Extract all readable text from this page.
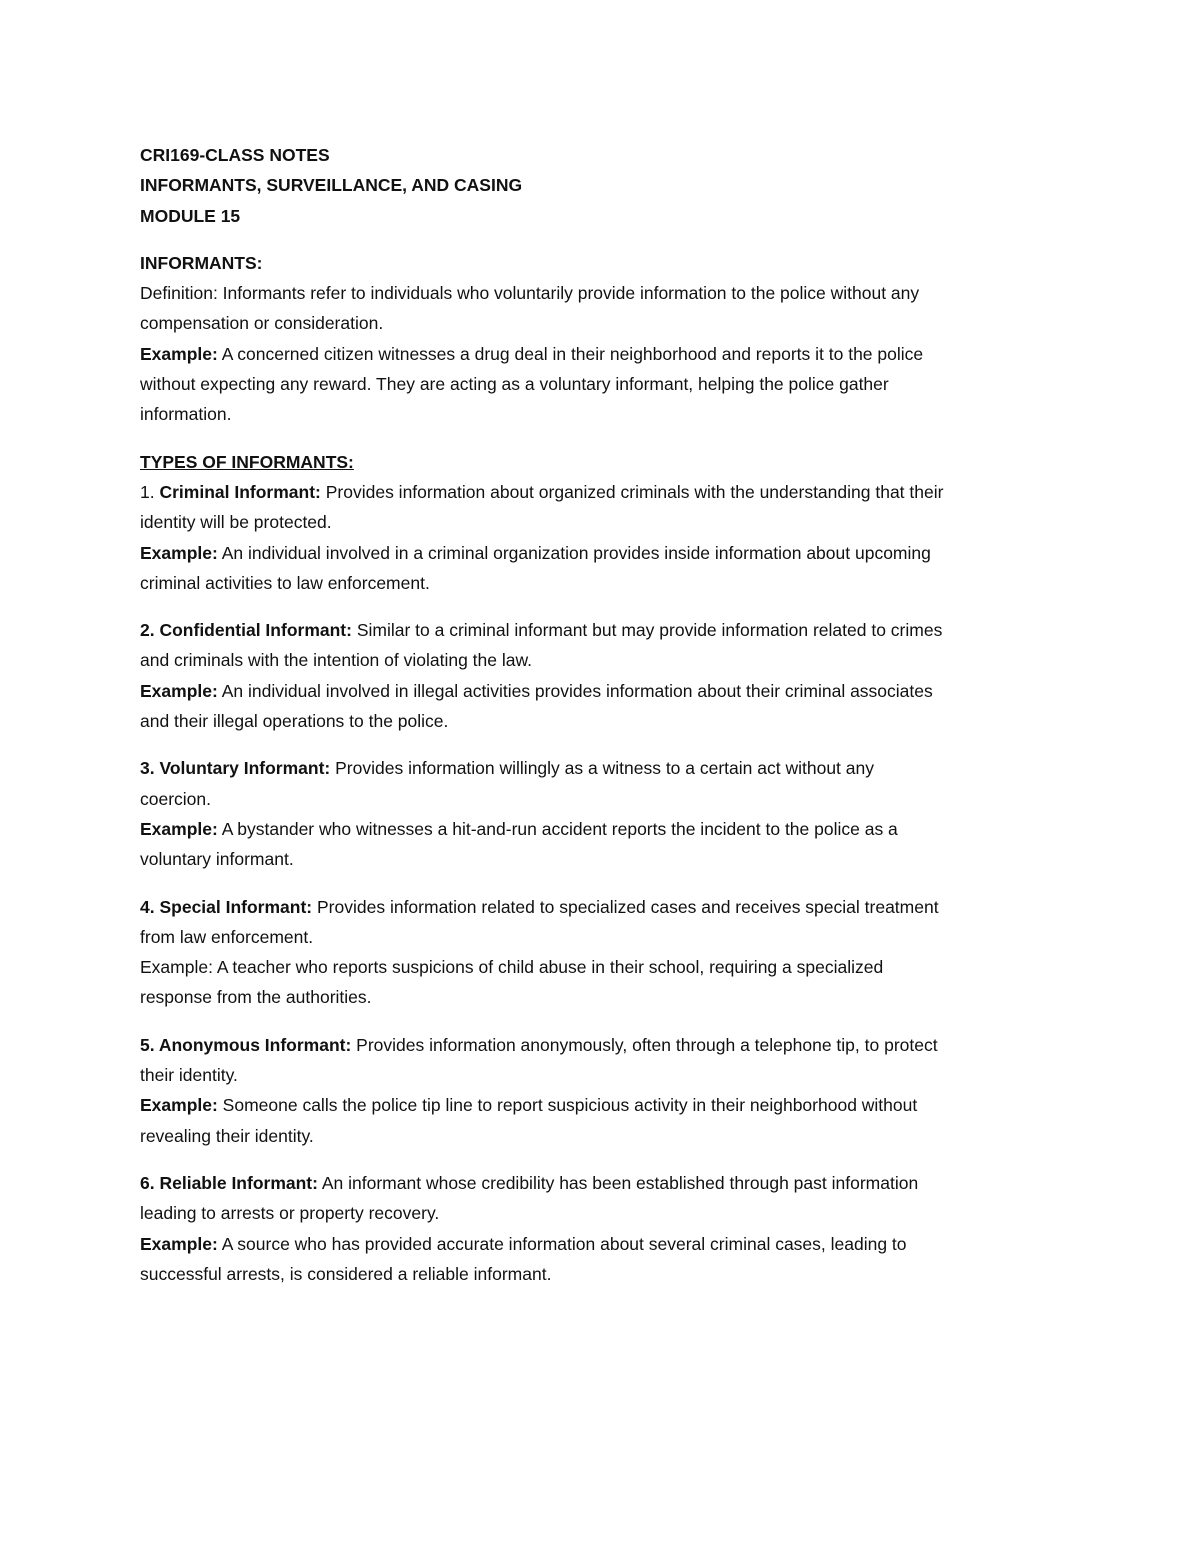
CRI169-CLASS NOTES
INFORMANTS, SURVEILLANCE, AND CASING
MODULE 15
INFORMANTS:
Definition: Informants refer to individuals who voluntarily provide information to the police without any
compensation or consideration.
Example: A concerned citizen witnesses a drug deal in their neighborhood and reports it to the police
without expecting any reward. They are acting as a voluntary informant, helping the police gather
information.
TYPES OF INFORMANTS:
1. Criminal Informant: Provides information about organized criminals with the understanding that their
identity will be protected.
Example: An individual involved in a criminal organization provides inside information about upcoming
criminal activities to law enforcement.
2. Confidential Informant: Similar to a criminal informant but may provide information related to crimes
and criminals with the intention of violating the law.
Example: An individual involved in illegal activities provides information about their criminal associates
and their illegal operations to the police.
3. Voluntary Informant: Provides information willingly as a witness to a certain act without any
coercion.
Example: A bystander who witnesses a hit-and-run accident reports the incident to the police as a
voluntary informant.
4. Special Informant: Provides information related to specialized cases and receives special treatment
from law enforcement.
Example: A teacher who reports suspicions of child abuse in their school, requiring a specialized
response from the authorities.
5. Anonymous Informant: Provides information anonymously, often through a telephone tip, to protect
their identity.
Example: Someone calls the police tip line to report suspicious activity in their neighborhood without
revealing their identity.
6. Reliable Informant: An informant whose credibility has been established through past information
leading to arrests or property recovery.
Example: A source who has provided accurate information about several criminal cases, leading to
successful arrests, is considered a reliable informant.
